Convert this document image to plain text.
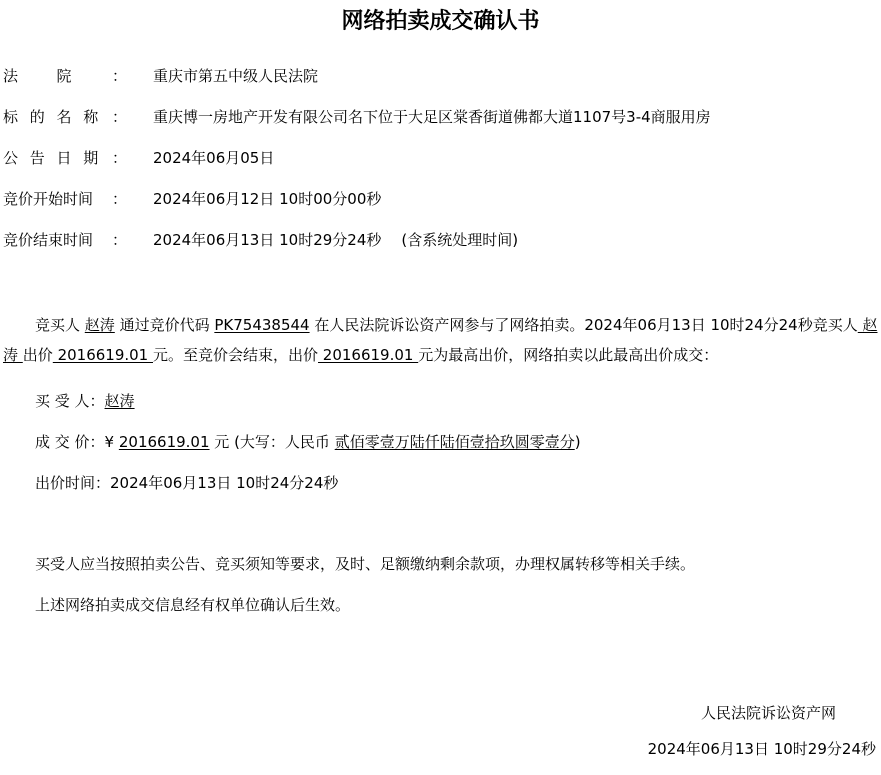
网络拍卖成交确认书
法	院	： 重庆市第五中级人民法院
标 的 名 称 ： 重庆博一房地产开发有限公司名下位于大足区棠香街道佛都大道1107号3-4商服用房
公 告 日 期 ： 2024年06月05日
竞价开始时间 ： 2024年06月12日 10时00分00秒
竞价结束时间 ： 2024年06月13日 10时29分24秒 (含系统处理时间)
竞买人 赵涛 通过竞价代码 PK75438544 在人民法院诉讼资产网参与了网络拍卖。2024年06月13日 10时24分24秒竞买人 赵涛 出价 2016619.01 元。至竞价会结束，出价 2016619.01 元为最高出价，网络拍卖以此最高出价成交：
买 受 人：赵涛
成 交 价：¥ 2016619.01 元 (大写：人民币 贰佰零壹万陆仟陆佰壹拾玖圆零壹分)
出价时间：2024年06月13日 10时24分24秒
买受人应当按照拍卖公告、竞买须知等要求，及时、足额缴纳剩余款项，办理权属转移等相关手续。
上述网络拍卖成交信息经有权单位确认后生效。
人民法院诉讼资产网
2024年06月13日 10时29分24秒
